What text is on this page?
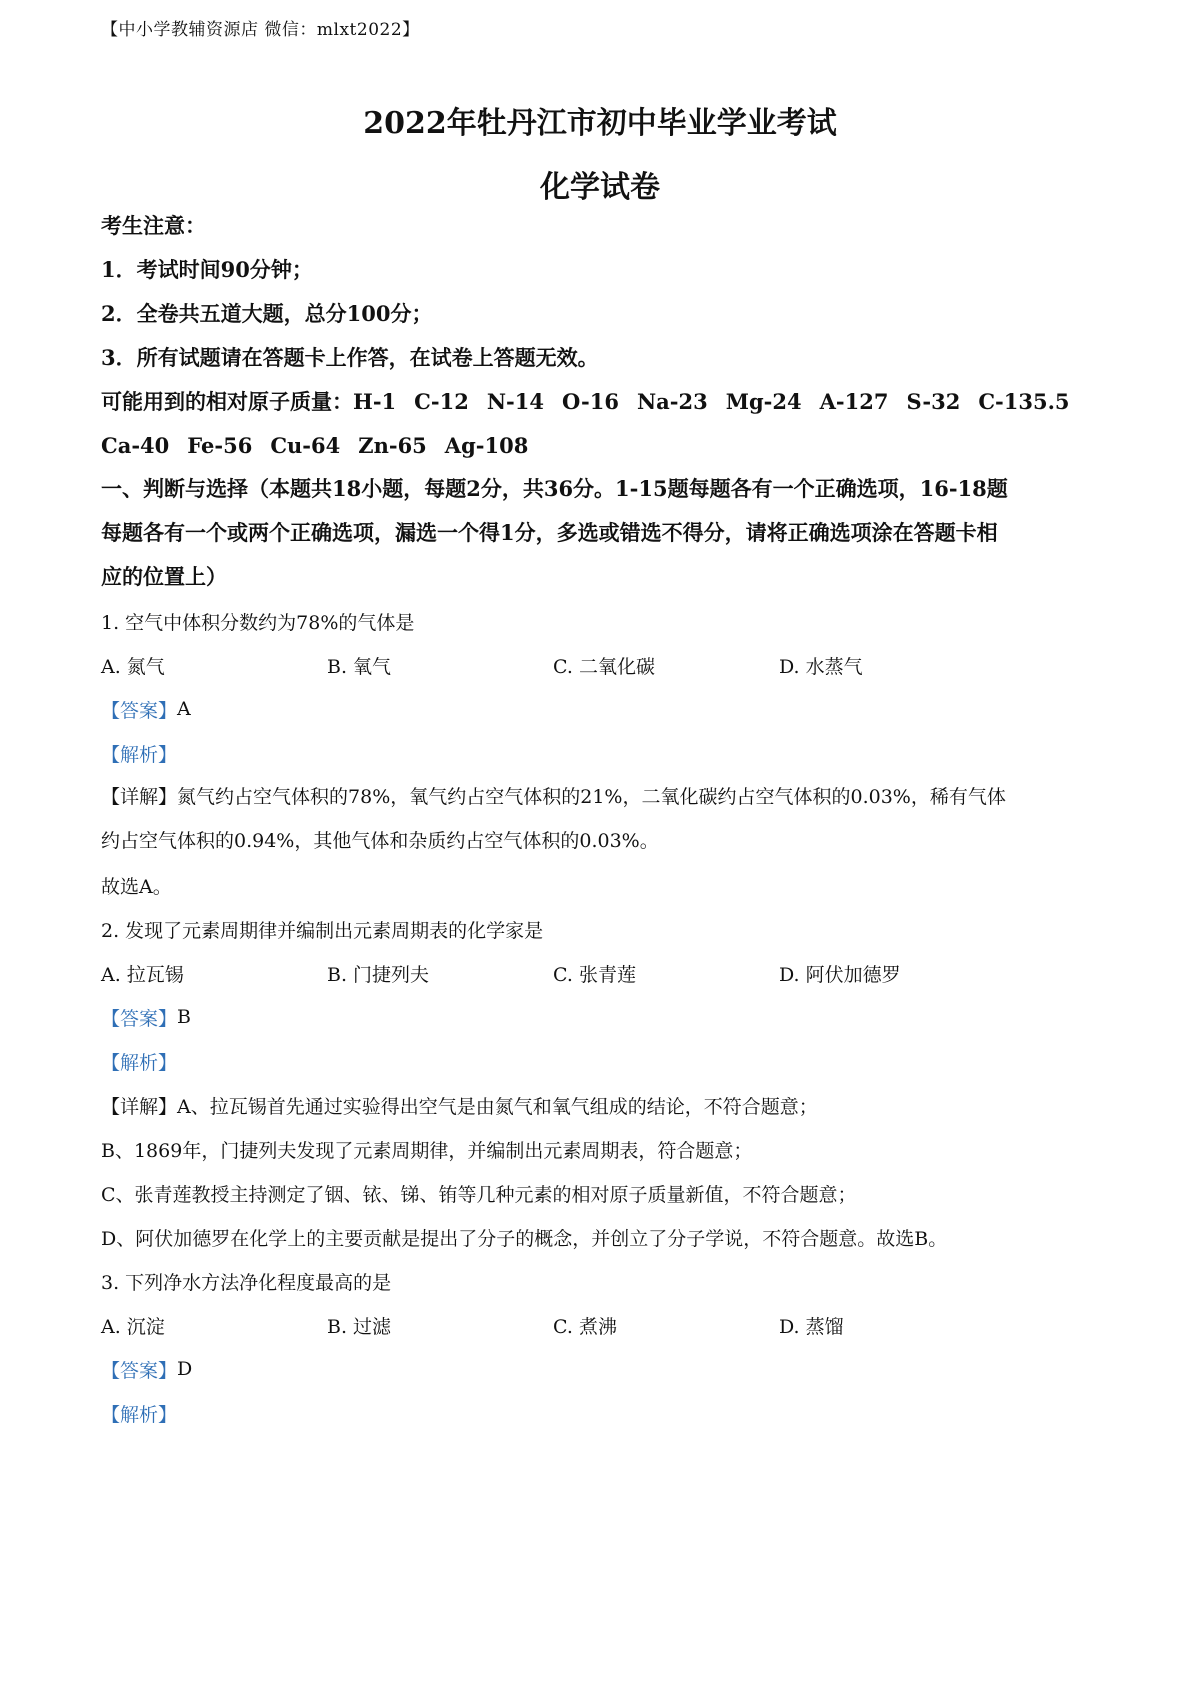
【中小学教辅资源店 微信：mlxt2022】
2022年牡丹江市初中毕业学业考试
化学试卷
考生注意：
1．考试时间90分钟；
2．全卷共五道大题，总分100分；
3．所有试题请在答题卡上作答，在试卷上答题无效。
可能用到的相对原子质量： H-1 C-12 N-14 O-16 Na-23 Mg-24 A-127 S-32 C-135.5
Ca-40 Fe-56 Cu-64 Zn-65 Ag-108
一、判断与选择（本题共18小题，每题2分，共36分。1-15题每题各有一个正确选项，16-18题每题各有一个或两个正确选项，漏选一个得1分，多选或错选不得分，请将正确选项涂在答题卡相应的位置上）
1. 空气中体积分数约为78%的气体是
A. 氮气	B. 氧气	C. 二氧化碳	D. 水蒸气
【答案】 A
【解析】
【详解】氮气约占空气体积的78%，氧气约占空气体积的21%，二氧化碳约占空气体积的0.03%，稀有气体约占空气体积的0.94%，其他气体和杂质约占空气体积的0.03%。
故选A。
2. 发现了元素周期律并编制出元素周期表的化学家是
A. 拉瓦锡	B. 门捷列夫	C. 张青莲	D. 阿伏加德罗
【答案】 B
【解析】
【详解】 A、拉瓦锡首先通过实验得出空气是由氮气和氧气组成的结论，不符合题意；
B、1869年，门捷列夫发现了元素周期律，并编制出元素周期表，符合题意；
C、张青莲教授主持测定了铟、铱、锑、铕等几种元素的相对原子质量新值，不符合题意；
D、阿伏加德罗在化学上的主要贡献是提出了分子的概念，并创立了分子学说，不符合题意。故选B。
3. 下列净水方法净化程度最高的是
A. 沉淀	B. 过滤	C. 煮沸	D. 蒸馏
【答案】 D
【解析】
